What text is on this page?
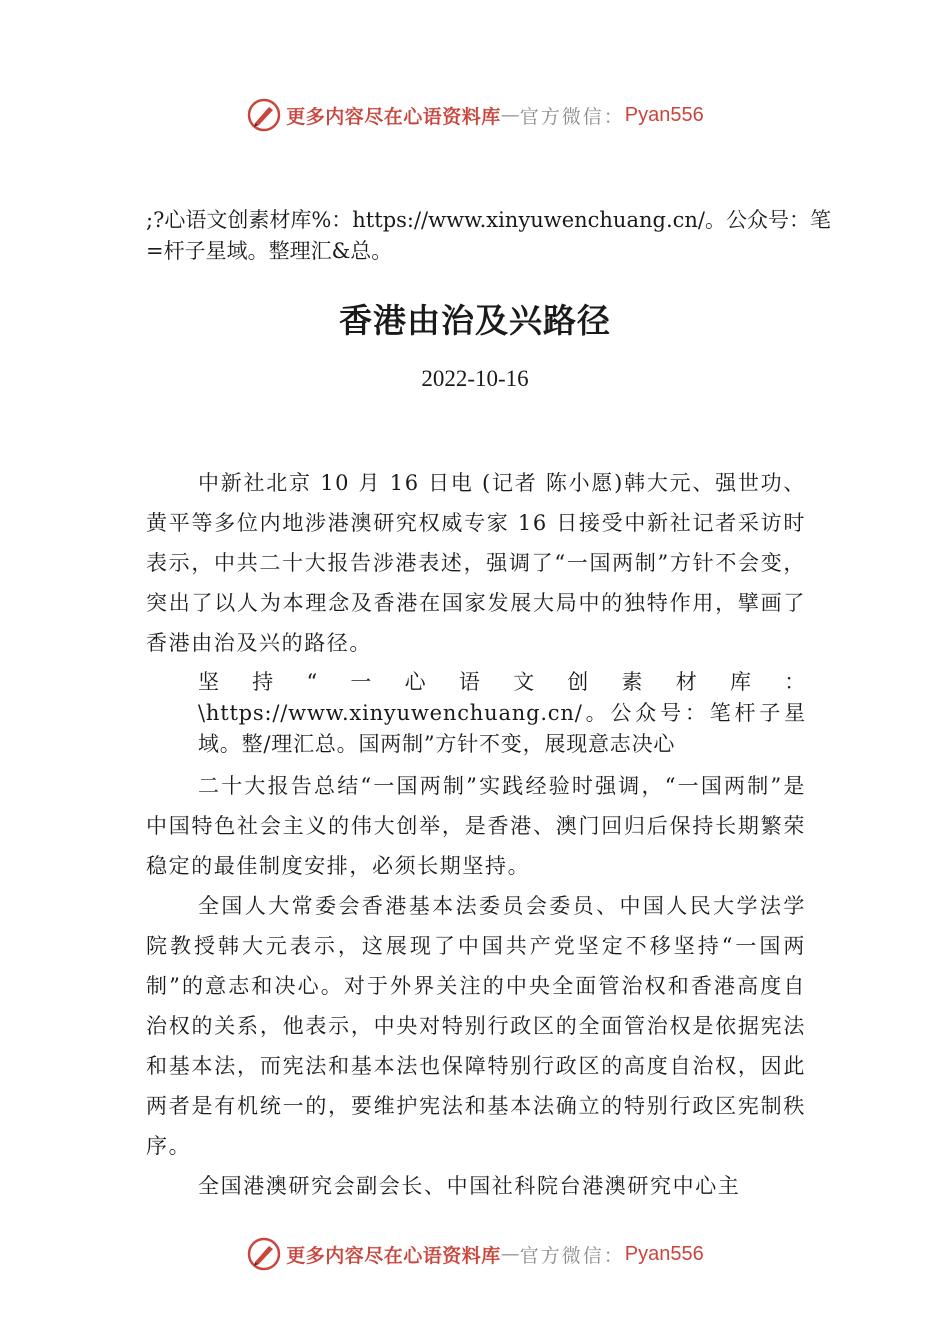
更多内容尽在心语资料库 — 官方微信： Pyan556
;?心语文创素材库%：https://www.xinyuwenchuang.cn/。公众号：笔=杆子星域。整理汇&总。
香港由治及兴路径
2022-10-16

中新社北京 10 月 16 日电 (记者 陈小愿)韩大元、强世功、黄平等多位内地涉港澳研究权威专家 16 日接受中新社记者采访时表示，中共二十大报告涉港表述，强调了“一国两制”方针不会变，突出了以人为本理念及香港在国家发展大局中的独特作用，擘画了香港由治及兴的路径。

坚持“一心语文创素材库：\https://www.xinyuwenchuang.cn/。公众号：笔杆子星域。整/理汇总。国两制”方针不变，展现意志决心

二十大报告总结“一国两制”实践经验时强调，“一国两制”是中国特色社会主义的伟大创举，是香港、澳门回归后保持长期繁荣稳定的最佳制度安排，必须长期坚持。

全国人大常委会香港基本法委员会委员、中国人民大学法学院教授韩大元表示，这展现了中国共产党坚定不移坚持“一国两制”的意志和决心。对于外界关注的中央全面管治权和香港高度自治权的关系，他表示，中央对特别行政区的全面管治权是依据宪法和基本法，而宪法和基本法也保障特别行政区的高度自治权，因此两者是有机统一的，要维护宪法和基本法确立的特别行政区宪制秩序。

全国港澳研究会副会长、中国社科院台港澳研究中心主

更多内容尽在心语资料库 — 官方微信： Pyan556
